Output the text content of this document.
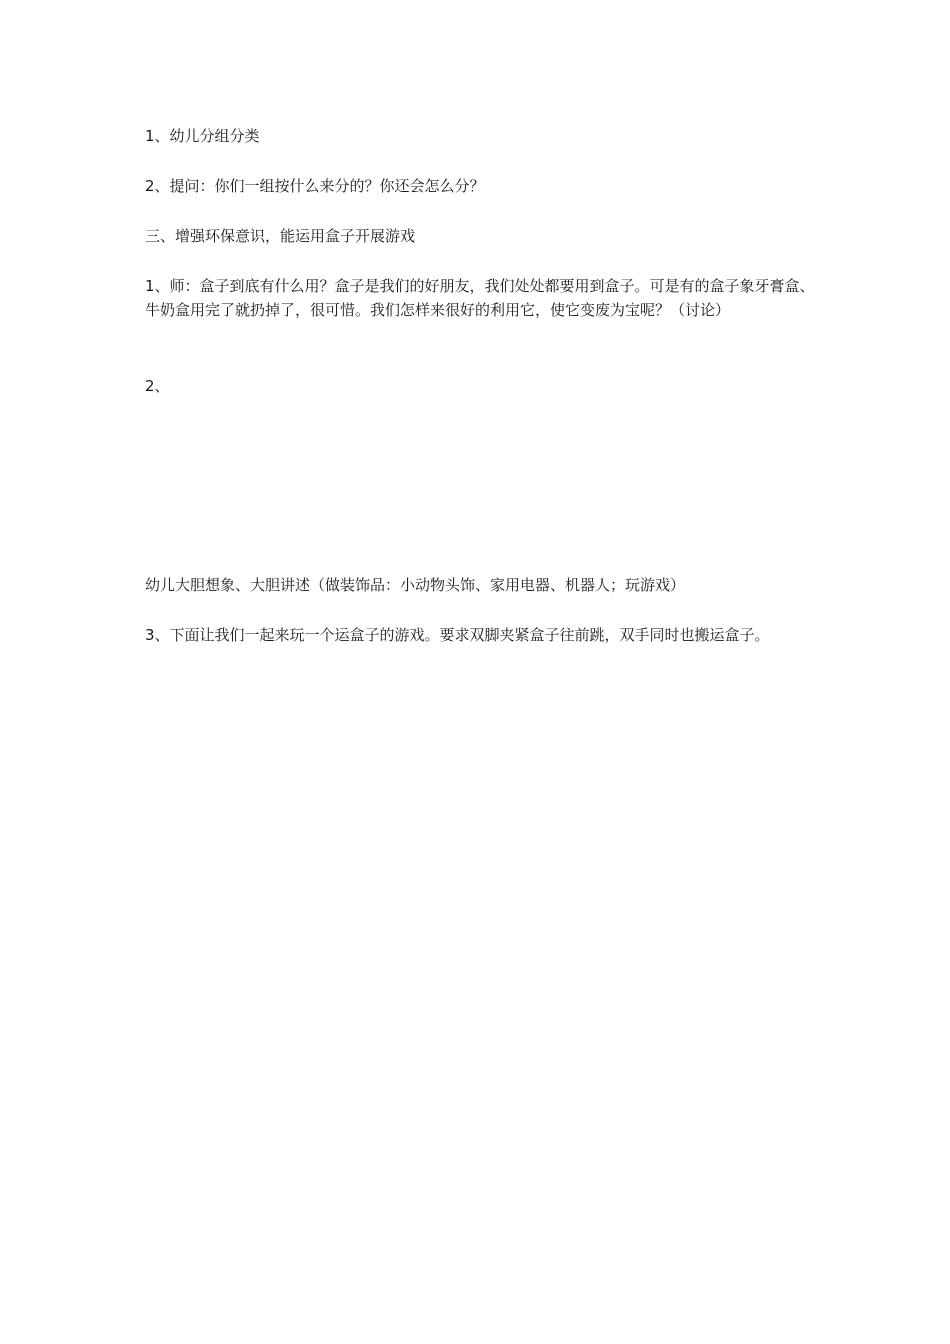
1、幼儿分组分类

2、提问：你们一组按什么来分的？你还会怎么分？

三、增强环保意识，能运用盒子开展游戏

1、师：盒子到底有什么用？盒子是我们的好朋友，我们处处都要用到盒子。可是有的盒子象牙膏盒、牛奶盒用完了就扔掉了，很可惜。我们怎样来很好的利用它，使它变废为宝呢？（讨论）

2、

幼儿大胆想象、大胆讲述（做装饰品：小动物头饰、家用电器、机器人；玩游戏）

3、下面让我们一起来玩一个运盒子的游戏。要求双脚夹紧盒子往前跳，双手同时也搬运盒子。
